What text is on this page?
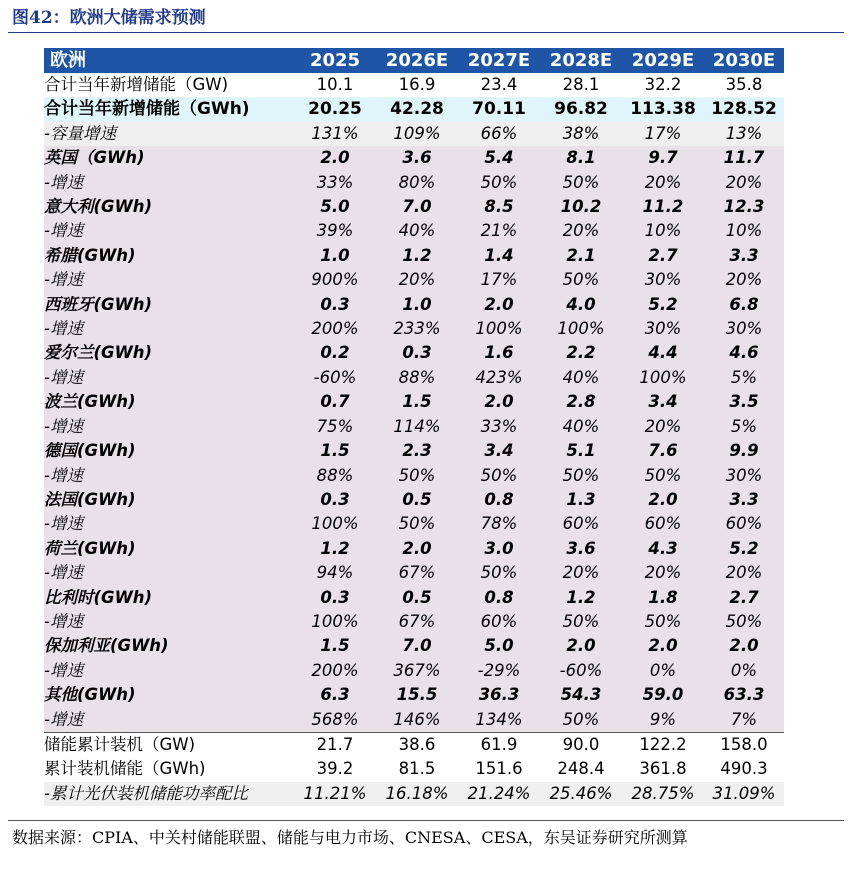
图42：欧洲大储需求预测
欧洲	2025	2026E	2027E	2028E	2029E	2030E
合计当年新增储能（GW)	10.1	16.9	23.4	28.1	32.2	35.8
合计当年新增储能（GWh)	20.25	42.28	70.11	96.82	113.38	128.52
-容量增速	131%	109%	66%	38%	17%	13%
英国（GWh)	2.0	3.6	5.4	8.1	9.7	11.7
-增速	33%	80%	50%	50%	20%	20%
意大利(GWh)	5.0	7.0	8.5	10.2	11.2	12.3
-增速	39%	40%	21%	20%	10%	10%
希腊(GWh)	1.0	1.2	1.4	2.1	2.7	3.3
-增速	900%	20%	17%	50%	30%	20%
西班牙(GWh)	0.3	1.0	2.0	4.0	5.2	6.8
-增速	200%	233%	100%	100%	30%	30%
爱尔兰(GWh)	0.2	0.3	1.6	2.2	4.4	4.6
-增速	-60%	88%	423%	40%	100%	5%
波兰(GWh)	0.7	1.5	2.0	2.8	3.4	3.5
-增速	75%	114%	33%	40%	20%	5%
德国(GWh)	1.5	2.3	3.4	5.1	7.6	9.9
-增速	88%	50%	50%	50%	50%	30%
法国(GWh)	0.3	0.5	0.8	1.3	2.0	3.3
-增速	100%	50%	78%	60%	60%	60%
荷兰(GWh)	1.2	2.0	3.0	3.6	4.3	5.2
-增速	94%	67%	50%	20%	20%	20%
比利时(GWh)	0.3	0.5	0.8	1.2	1.8	2.7
-增速	100%	67%	60%	50%	50%	50%
保加利亚(GWh)	1.5	7.0	5.0	2.0	2.0	2.0
-增速	200%	367%	-29%	-60%	0%	0%
其他(GWh)	6.3	15.5	36.3	54.3	59.0	63.3
-增速	568%	146%	134%	50%	9%	7%
储能累计装机（GW)	21.7	38.6	61.9	90.0	122.2	158.0
累计装机储能（GWh)	39.2	81.5	151.6	248.4	361.8	490.3
-累计光伏装机储能功率配比	11.21%	16.18%	21.24%	25.46%	28.75%	31.09%
数据来源：CPIA、中关村储能联盟、储能与电力市场、CNESA、CESA，东吴证券研究所测算
